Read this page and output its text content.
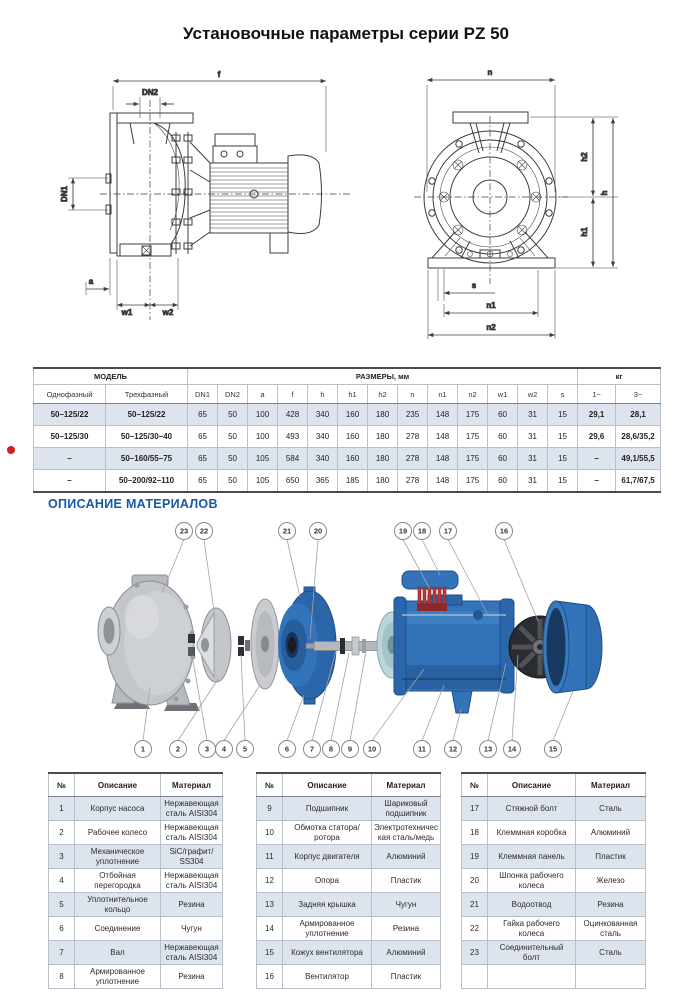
Установочные параметры серии PZ 50
f
DN2
DN1
a
w1	w2
n
h2
h
h1
s
n1
n2
МОДЕЛЬ		РАЗМЕРЫ, мм													кг	
Однофазный	Трехфазный	DN1	DN2	a	f	h	h1	h2	n	n1	n2	w1	w2	s	1~	3~
50–125/22	50–125/22	65	50	100	428	340	160	180	235	148	175	60	31	15	29,1	28,1
50–125/30	50–125/30–40	65	50	100	493	340	160	180	278	148	175	60	31	15	29,6	28,6/35,2
–	50–160/55–75	65	50	105	584	340	160	180	278	148	175	60	31	15	–	49,1/55,5
–	50–200/92–110	65	50	105	650	365	185	180	278	148	175	60	31	15	–	61,7/67,5
ОПИСАНИЕ МАТЕРИАЛОВ
1	2	3 4 5	6	7 8 9 10	11	12	13 14	15
16
17
18
19
20
21
22
23
№	Описание	Материал
1	Корпус насоса	Нержавеющая сталь AISI304
2	Рабочее колесо	Нержавеющая сталь AISI304
3	Механическое уплотнение	SiC/графит/ SS304
4	Отбойная перегородка	Нержавеющая сталь AISI304
5	Уплотнительное кольцо	Резина
6	Соединение	Чугун
7	Вал	Нержавеющая сталь AISI304
8	Армированное уплотнение	Резина
№	Описание	Материал
9	Подшипник	Шариковый подшипник
10	Обмотка статора/ ротора	Электротехническая сталь/медь
11	Корпус двигателя	Алюминий
12	Опора	Пластик
13	Задняя крышка	Чугун
14	Армированное уплотнение	Резина
15	Кожух вентилятора	Алюминий
16	Вентилятор	Пластик
№	Описание	Материал
17	Стяжной болт	Сталь
18	Клеммная коробка	Алюминий
19	Клеммная панель	Пластик
20	Шпонка рабочего колеса	Железо
21	Водоотвод	Резина
22	Гайка рабочего колеса	Оцинкованная сталь
23	Соединительный болт	Сталь
